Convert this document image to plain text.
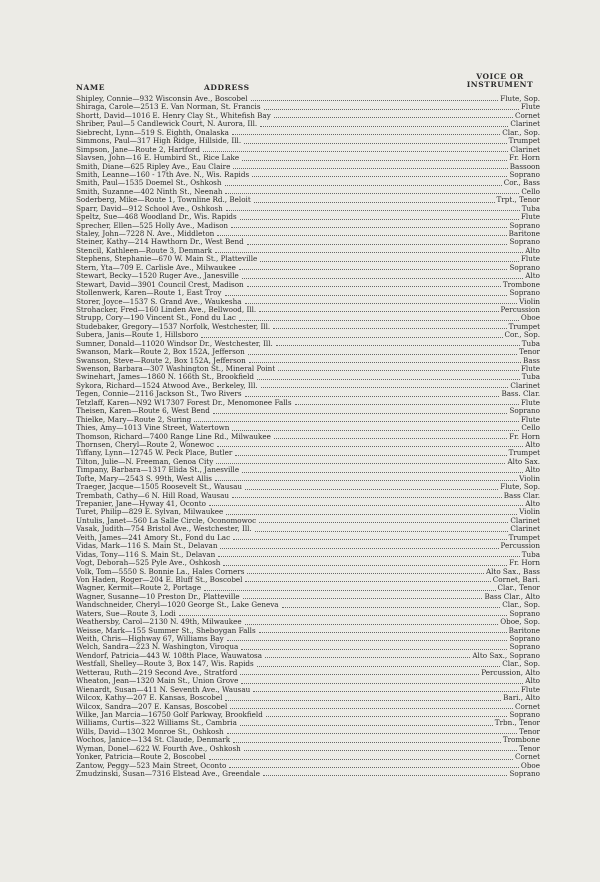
NAME	ADDRESS
VOICE OR
INSTRUMENT
Shipley, Connie—932 Wisconsin Ave., Boscobel	Flute, Sop.
Shiraga, Carole—2513 E. Van Norman, St. Francis	Flute
Shortt, David—1016 E. Henry Clay St., Whitefish Bay	Cornet
Shriber, Paul—5 Candlewick Court, N. Aurora, Ill.	Clarinet
Siebrecht, Lynn—519 S. Eighth, Onalaska	Clar., Sop.
Simmons, Paul—317 High Ridge, Hillside, Ill.	Trumpet
Simpson, Jane—Route 2, Hartford	Clarinet
Slavsen, John—16 E. Humbird St., Rice Lake	Fr. Horn
Smith, Diane—625 Ripley Ave., Eau Claire	Bassoon
Smith, Leanne—160 - 17th Ave. N., Wis. Rapids	Soprano
Smith, Paul—1535 Doemel St., Oshkosh	Cor., Bass
Smith, Suzanne—402 Ninth St., Neenah	Cello
Soderberg, Mike—Route 1, Townline Rd., Beloit	Trpt., Tenor
Sparr, David—912 School Ave., Oshkosh	Tuba
Speltz, Sue—468 Woodland Dr., Wis. Rapids	Flute
Sprecher, Ellen—525 Holly Ave., Madison	Soprano
Staley, John—7228 N. Ave., Middleton	Baritone
Steiner, Kathy—214 Hawthorn Dr., West Bend	Soprano
Stencil, Kathleen—Route 3, Denmark	Alto
Stephens, Stephanie—670 W. Main St., Platteville	Flute
Stern, Yta—709 E. Carlisle Ave., Milwaukee	Soprano
Stewart, Becky—1520 Ruger Ave., Janesville	Alto
Stewart, David—3901 Council Crest, Madison	Trombone
Stollenwerk, Karen—Route 1, East Troy	Soprano
Storer, Joyce—1537 S. Grand Ave., Waukesha	Violin
Strohacker, Fred—160 Linden Ave., Bellwood, Ill.	Percussion
Strupp, Cory—190 Vincent St., Fond du Lac	Oboe
Studebaker, Gregory—1537 Norfolk, Westchester, Ill.	Trumpet
Subera, Janis—Route 1, Hillsboro	Cor., Sop.
Sumner, Donald—11020 Windsor Dr., Westchester, Ill.	Tuba
Swanson, Mark—Route 2, Box 152A, Jefferson	Tenor
Swanson, Steve—Route 2, Box 152A, Jefferson	Bass
Swenson, Barbara—307 Washington St., Mineral Point	Flute
Swinehart, James—1860 N. 166th St., Brookfield	Tuba
Sykora, Richard—1524 Atwood Ave., Berkeley, Ill.	Clarinet
Tegen, Connie—2116 Jackson St., Two Rivers	Bass. Clar.
Tetzlaff, Karen—N92 W17307 Forest Dr., Menomonee Falls	Flute
Theisen, Karen—Route 6, West Bend	Soprano
Thielke, Mary—Route 2, Suring	Flute
Thies, Amy—1013 Vine Street, Watertown	Cello
Thomson, Richard—7400 Range Line Rd., Milwaukee	Fr. Horn
Thornsen, Cheryl—Route 2, Wonewoc	Alto
Tiffany, Lynn—12745 W. Peck Place, Butler	Trumpet
Tilton, Julie—N. Freeman, Genoa City	Alto Sax.
Timpany, Barbara—1317 Elida St., Janesville	Alto
Tofte, Mary—2543 S. 99th, West Allis	Violin
Traeger, Jacque—1505 Roosevelt St., Wausau	Flute, Sop.
Trembath, Cathy—6 N. Hill Road, Wausau	Bass Clar.
Trepanier, Jane—Hyway 41, Oconto	Alto
Turet, Philip—829 E. Sylvan, Milwaukee	Violin
Untulis, Janet—560 La Salle Circle, Oconomowoc	Clarinet
Vasak, Judith—754 Bristol Ave., Westchester, Ill.	Clarinet
Veith, James—241 Amory St., Fond du Lac	Trumpet
Vidas, Mark—116 S. Main St., Delavan	Percussion
Vidas, Tony—116 S. Main St., Delavan	Tuba
Vogt, Deborah—525 Pyle Ave., Oshkosh	Fr. Horn
Volk, Tom—5550 S. Bonnie La., Hales Corners	Alto Sax., Bass
Von Haden, Roger—204 E. Bluff St., Boscobel	Cornet, Bari.
Wagner, Kermit—Route 2, Portage	Clar., Tenor
Wagner, Susanne—10 Preston Dr., Platteville	Bass Clar., Alto
Wandschneider, Cheryl—1020 George St., Lake Geneva	Clar., Sop.
Waters, Sue—Route 3, Lodi	Soprano
Weathersby, Carol—2130 N. 49th, Milwaukee	Oboe, Sop.
Weisse, Mark—155 Summer St., Sheboygan Falls	Baritone
Weith, Chris—Highway 67, Williams Bay	Soprano
Welch, Sandra—223 N. Washington, Viroqua	Soprano
Wendorf, Patricia—443 W. 108th Place, Wauwatosa	Alto Sax., Soprano
Westfall, Shelley—Route 3, Box 147, Wis. Rapids	Clar., Sop.
Wetterau, Ruth—219 Second Ave., Stratford	Percussion, Alto
Wheaton, Jean—1320 Main St., Union Grove	Alto
Wienardt, Susan—411 N. Seventh Ave., Wausau	Flute
Wilcox, Kathy—207 E. Kansas, Boscobel	Bari., Alto
Wilcox, Sandra—207 E. Kansas, Boscobel	Cornet
Wilke, Jan Marcia—16750 Golf Parkway, Brookfield	Soprano
Williams, Curtis—322 Williams St., Cambria	Trbn., Tenor
Wills, David—1302 Monroe St., Oshkosh	Tenor
Wochos, Janice—134 St. Claude, Denmark	Trombone
Wyman, Donel—622 W. Fourth Ave., Oshkosh	Tenor
Yonker, Patricia—Route 2, Boscobel	Cornet
Zantow, Peggy—523 Main Street, Oconto	Oboe
Zmudzinski, Susan—7316 Elstead Ave., Greendale	Soprano
